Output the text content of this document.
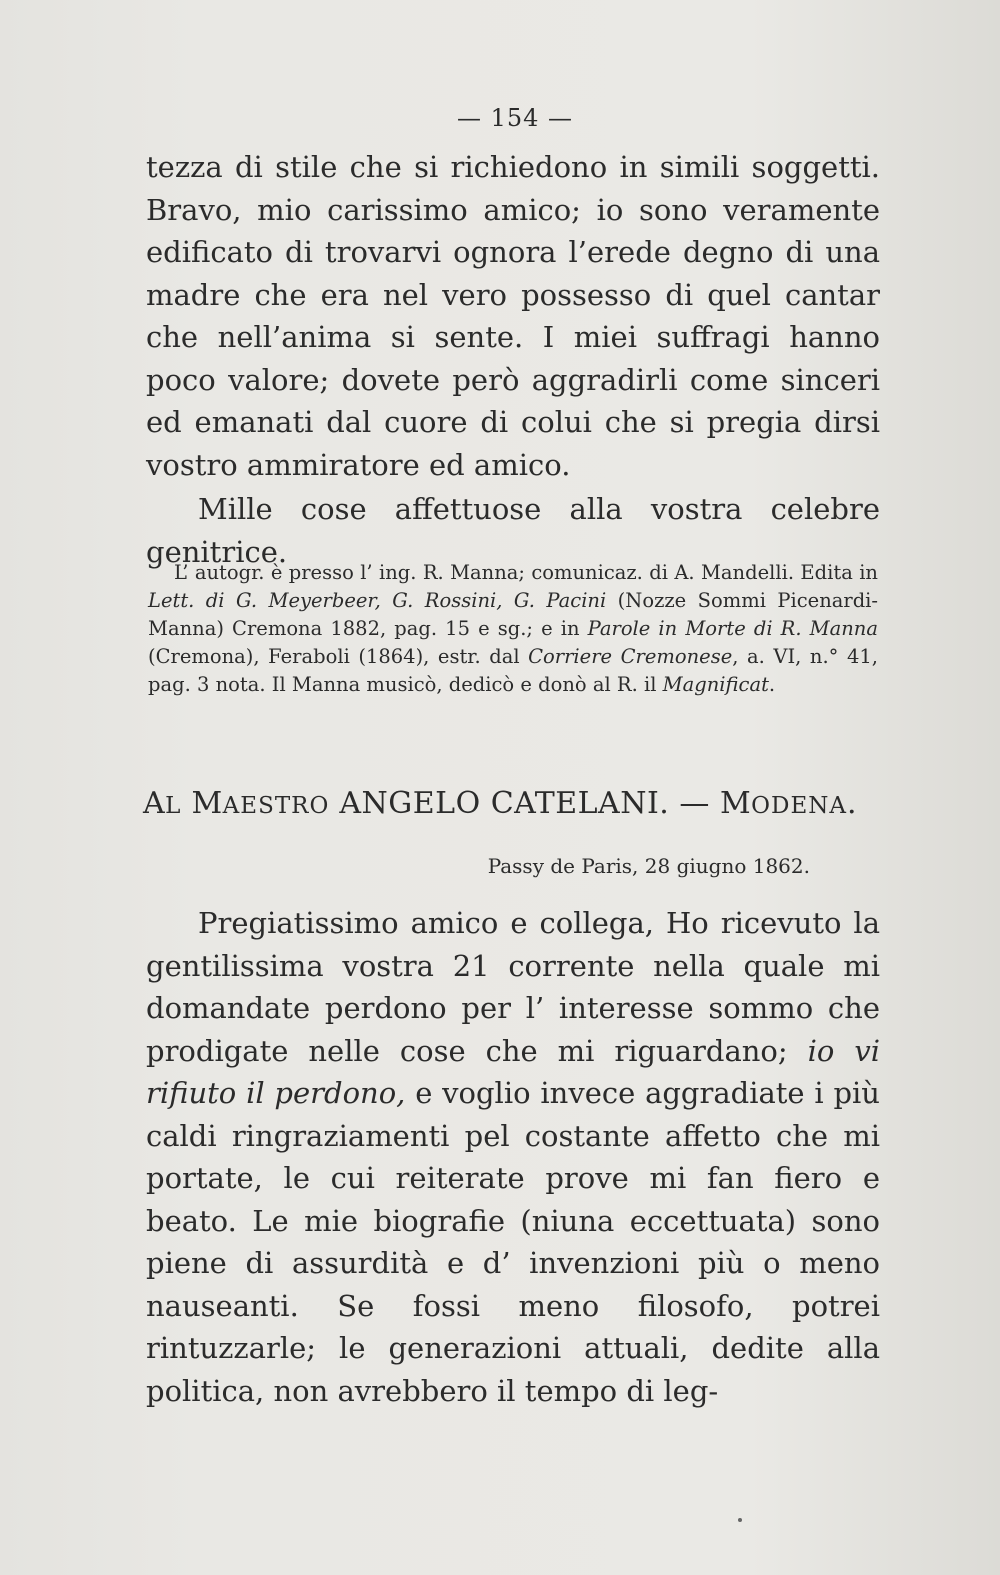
— 154 —

tezza di stile che si richiedono in simili soggetti. Bravo, mio carissimo amico; io sono veramente edificato di trovarvi ognora l’erede degno di una madre che era nel vero possesso di quel cantar che nell’anima si sente. I miei suffragi hanno poco valore; dovete però aggradirli come sinceri ed emanati dal cuore di colui che si pregia dirsi vostro ammiratore ed amico.

Mille cose affettuose alla vostra celebre genitrice.

L’ autogr. è presso l’ ing. R. Manna; comunicaz. di A. Mandelli. Edita in Lett. di G. Meyerbeer, G. Rossini, G. Pacini (Nozze Sommi Picenardi-Manna) Cremona 1882, pag. 15 e sg.; e in Parole in Morte di R. Manna (Cremona), Feraboli (1864), estr. dal Corriere Cremonese, a. VI, n.° 41, pag. 3 nota. Il Manna musicò, dedicò e donò al R. il Magnificat.

AL MAESTRO ANGELO CATELANI. — MODENA.
Passy de Paris, 28 giugno 1862.

Pregiatissimo amico e collega, Ho ricevuto la gentilissima vostra 21 corrente nella quale mi domandate perdono per l’ interesse sommo che prodigate nelle cose che mi riguardano; io vi rifiuto il perdono, e voglio invece aggradiate i più caldi ringraziamenti pel costante affetto che mi portate, le cui reiterate prove mi fan fiero e beato. Le mie biografie (niuna eccettuata) sono piene di assurdità e d’ invenzioni più o meno nauseanti. Se fossi meno filosofo, potrei rintuzzarle; le generazioni attuali, dedite alla politica, non avrebbero il tempo di leg-
